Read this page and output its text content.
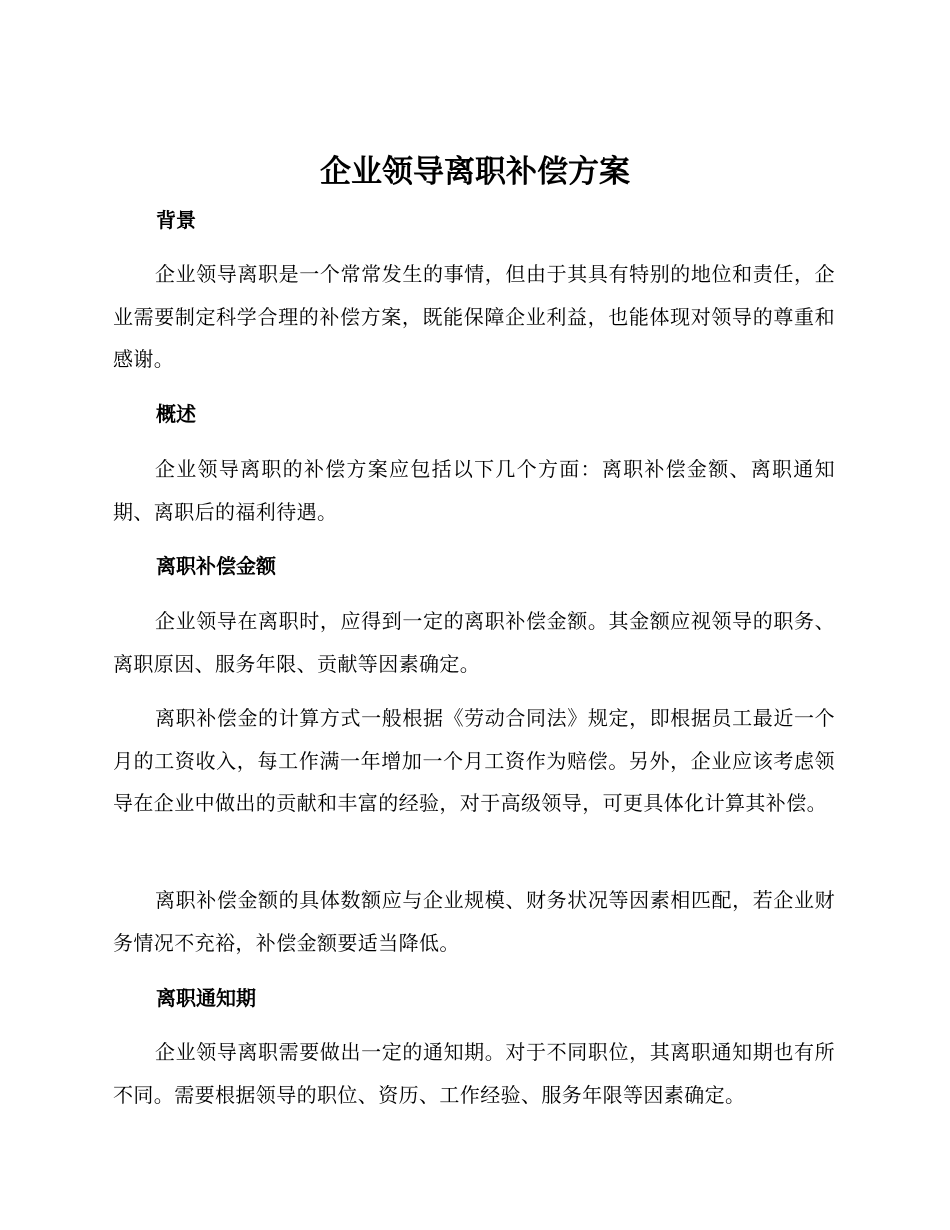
企业领导离职补偿方案
背景

企业领导离职是一个常常发生的事情，但由于其具有特别的地位和责任，企业需要制定科学合理的补偿方案，既能保障企业利益，也能体现对领导的尊重和感谢。

概述

企业领导离职的补偿方案应包括以下几个方面：离职补偿金额、离职通知期、离职后的福利待遇。

离职补偿金额

企业领导在离职时，应得到一定的离职补偿金额。其金额应视领导的职务、离职原因、服务年限、贡献等因素确定。

离职补偿金的计算方式一般根据《劳动合同法》规定，即根据员工最近一个月的工资收入，每工作满一年增加一个月工资作为赔偿。另外，企业应该考虑领导在企业中做出的贡献和丰富的经验，对于高级领导，可更具体化计算其补偿。

离职补偿金额的具体数额应与企业规模、财务状况等因素相匹配，若企业财务情况不充裕，补偿金额要适当降低。

离职通知期

企业领导离职需要做出一定的通知期。对于不同职位，其离职通知期也有所不同。需要根据领导的职位、资历、工作经验、服务年限等因素确定。
